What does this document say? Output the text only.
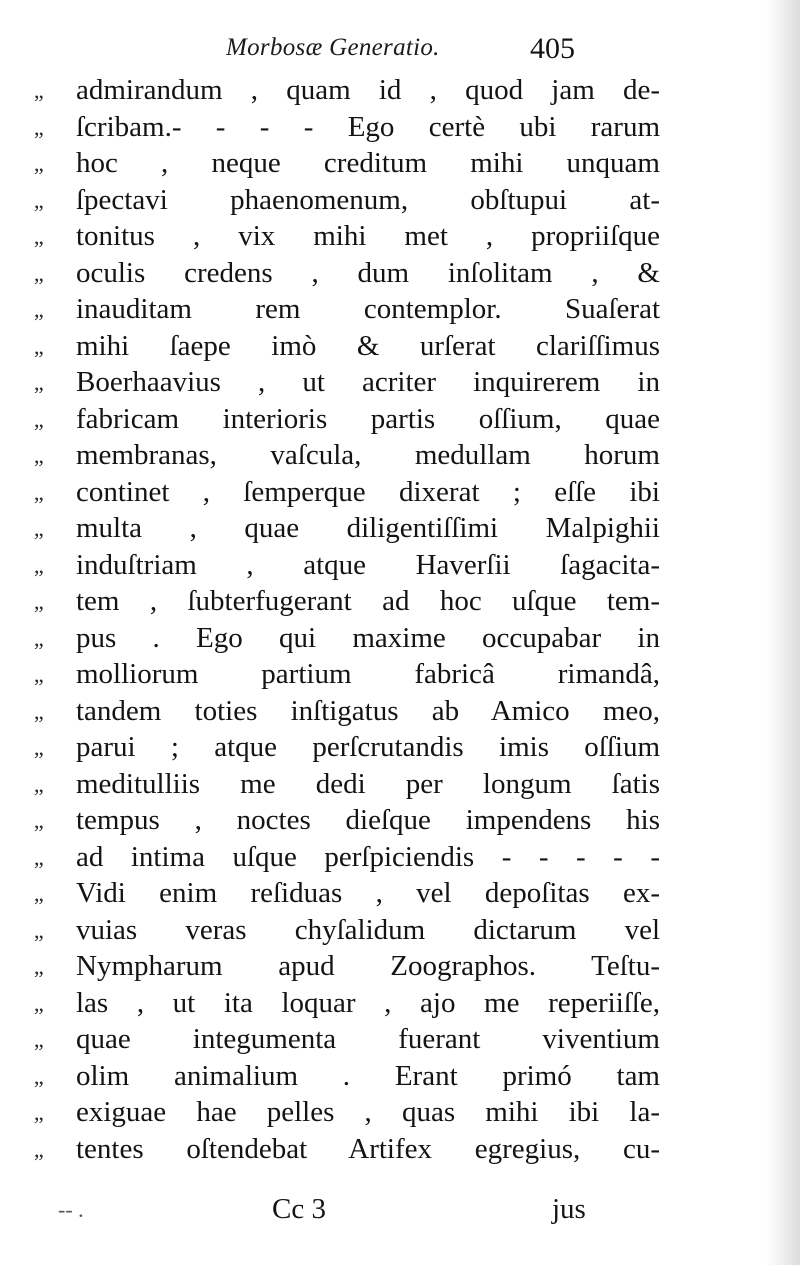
Morbosæ Generatio.	405
,,	admirandum , quam id , quod jam de-
,,	ſcribam.- - - - Ego certè ubi rarum
,,	hoc , neque creditum mihi unquam
,,	ſpectavi phaenomenum, obſtupui at-
,,	tonitus , vix mihi met , propriiſque
,,	oculis credens , dum inſolitam , &
,,	inauditam rem contemplor. Suaſerat
,,	mihi ſaepe imò & urſerat clariſſimus
,,	Boerhaavius , ut acriter inquirerem in
,,	fabricam interioris partis oſſium, quae
,,	membranas, vaſcula, medullam horum
,,	continet , ſemperque dixerat ; eſſe ibi
,,	multa , quae diligentiſſimi Malpighii
,,	induſtriam , atque Haverſii ſagacita-
,,	tem , ſubterfugerant ad hoc uſque tem-
,,	pus . Ego qui maxime occupabar in
,,	molliorum partium fabricâ rimandâ,
,,	tandem toties inſtigatus ab Amico meo,
,,	parui ; atque perſcrutandis imis oſſium
,,	meditulliis me dedi per longum ſatis
,,	tempus , noctes dieſque impendens his
,,	ad intima uſque perſpiciendis - - - - -
,,	Vidi enim reſiduas , vel depoſitas ex-
,,	vuias veras chyſalidum dictarum vel
,,	Nympharum apud Zoographos. Teſtu-
,,	las , ut ita loquar , ajo me reperiiſſe,
,,	quae integumenta fuerant viventium
,,	olim animalium . Erant primó tam
,,	exiguae hae pelles , quas mihi ibi la-
,,	tentes oſtendebat Artifex egregius, cu-
-- .	Cc 3	jus
